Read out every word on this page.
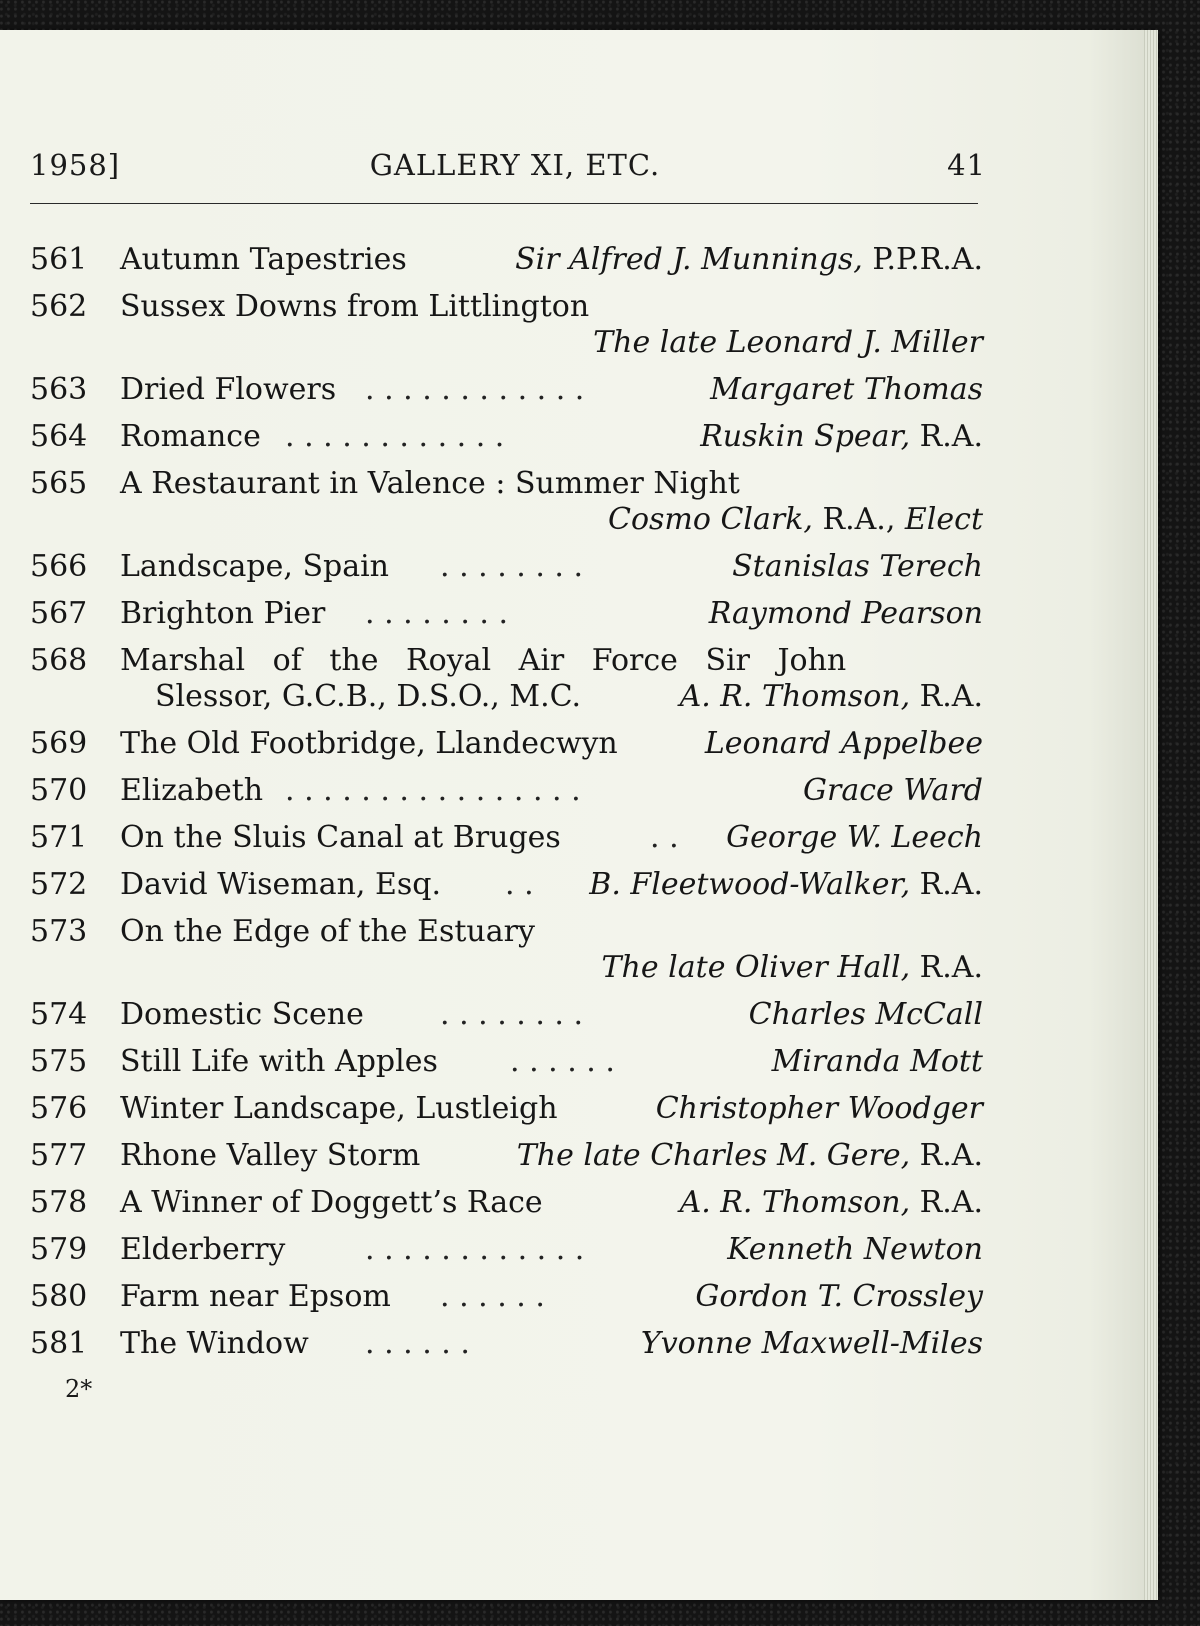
1958]	GALLERY XI, ETC.	41
561	Autumn Tapestries	Sir Alfred J. Munnings, P.P.R.A.
562	Sussex Downs from Littlington
The late Leonard J. Miller
563	Dried Flowers . . . . . . . . . . . .	Margaret Thomas
564	Romance . . . . . . . . . . . .	Ruskin Spear, R.A.
565	A Restaurant in Valence : Summer Night
Cosmo Clark, R.A., Elect
566	Landscape, Spain . . . . . . . .	Stanislas Terech
567	Brighton Pier . . . . . . . .	Raymond Pearson
568	Marshal of the Royal Air Force Sir John
Slessor, G.C.B., D.S.O., M.C.	A. R. Thomson, R.A.
569	The Old Footbridge, Llandecwyn	Leonard Appelbee
570	Elizabeth . . . . . . . . . . . . . . . .	Grace Ward
571	On the Sluis Canal at Bruges	. . George W. Leech
572	David Wiseman, Esq. . . B. Fleetwood-Walker, R.A.
573	On the Edge of the Estuary
The late Oliver Hall, R.A.
574	Domestic Scene	. . . . . . . .	Charles McCall
575	Still Life with Apples . . . . . .	Miranda Mott
576	Winter Landscape, Lustleigh	Christopher Woodger
577	Rhone Valley Storm	The late Charles M. Gere, R.A.
578	A Winner of Doggett’s Race	A. R. Thomson, R.A.
579	Elderberry	. . . . . . . . . . . .	Kenneth Newton
580	Farm near Epsom . . . . . .	Gordon T. Crossley
581	The Window . . . . . .	Yvonne Maxwell-Miles
2*
